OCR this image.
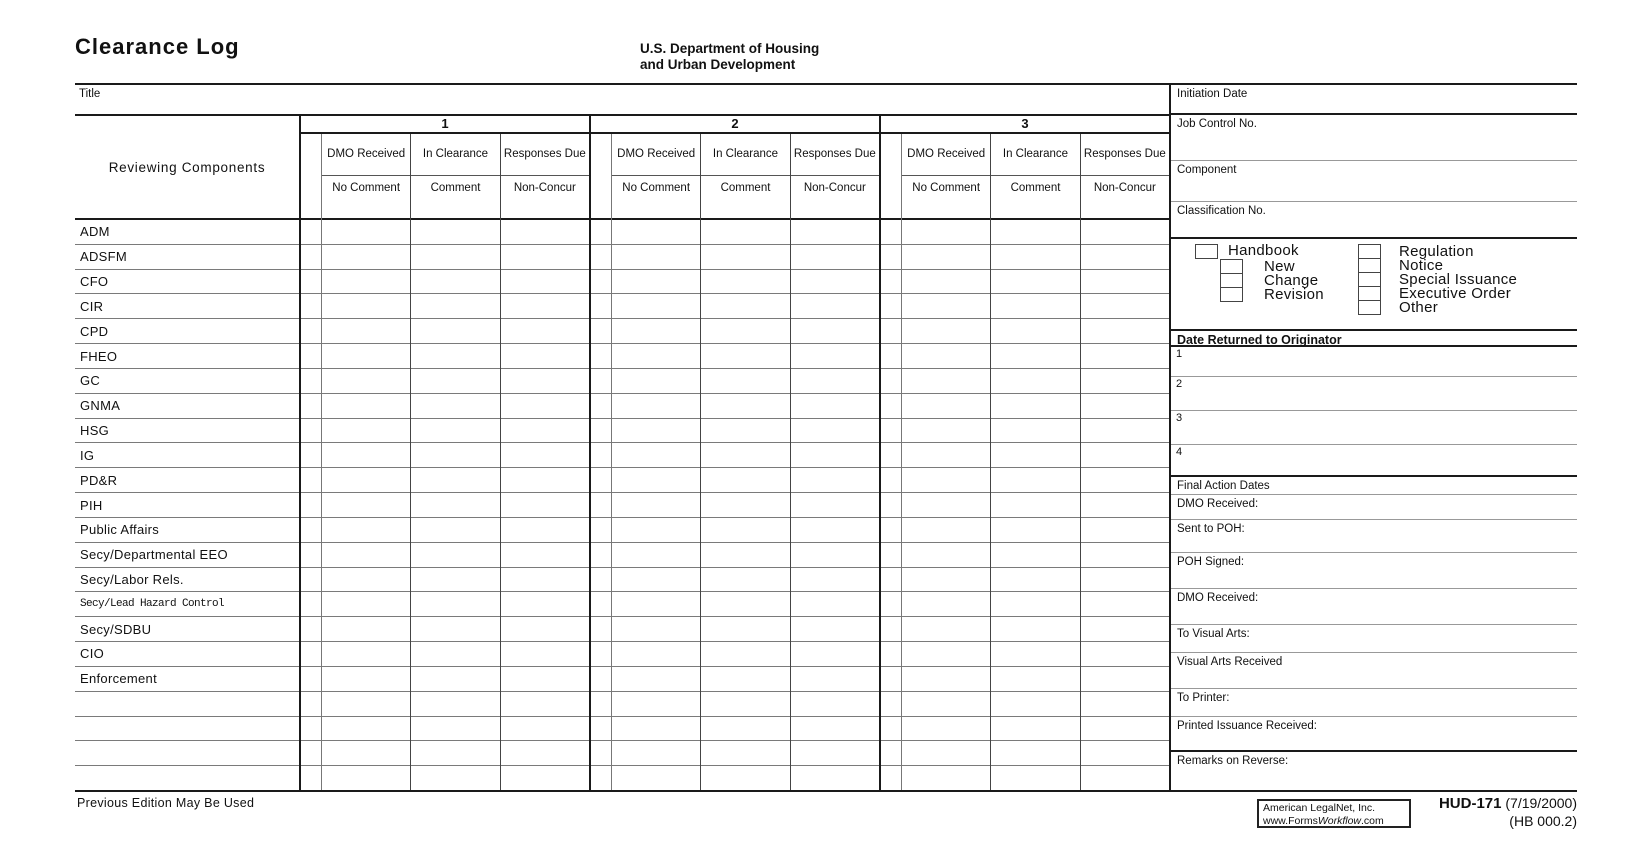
Clearance Log	U.S. Department of Housing
and Urban Development
Title
Reviewing Components
ADM
ADSFM
CFO
CIR
CPD
FHEO
GC
GNMA
HSG
IG
PD&R
PIH
Public Affairs
Secy/Departmental EEO
Secy/Labor Rels.
Secy/Lead Hazard Control
Secy/SDBU
CIO
Enforcement
1
DMO Received
No Comment
In Clearance
Comment
Responses Due
Non-Concur
2
DMO Received
No Comment
In Clearance
Comment
Responses Due
Non-Concur
3
DMO Received
No Comment
In Clearance
Comment
Responses Due
Non-Concur
Initiation Date
Job Control No.
Component
Classification No.
Handbook
New
Change
Revision
Regulation
Notice
Special Issuance
Executive Order
Other
Date Returned to Originator
1
2
3
4
Final Action Dates
DMO Received:
Sent to POH:
POH Signed:
DMO Received:
To Visual Arts:
Visual Arts Received
To Printer:
Printed Issuance Received:
Remarks on Reverse:
Previous Edition May Be Used	American LegalNet, Inc.
www.FormsWorkflow.com
HUD-171 (7/19/2000)
(HB 000.2)
